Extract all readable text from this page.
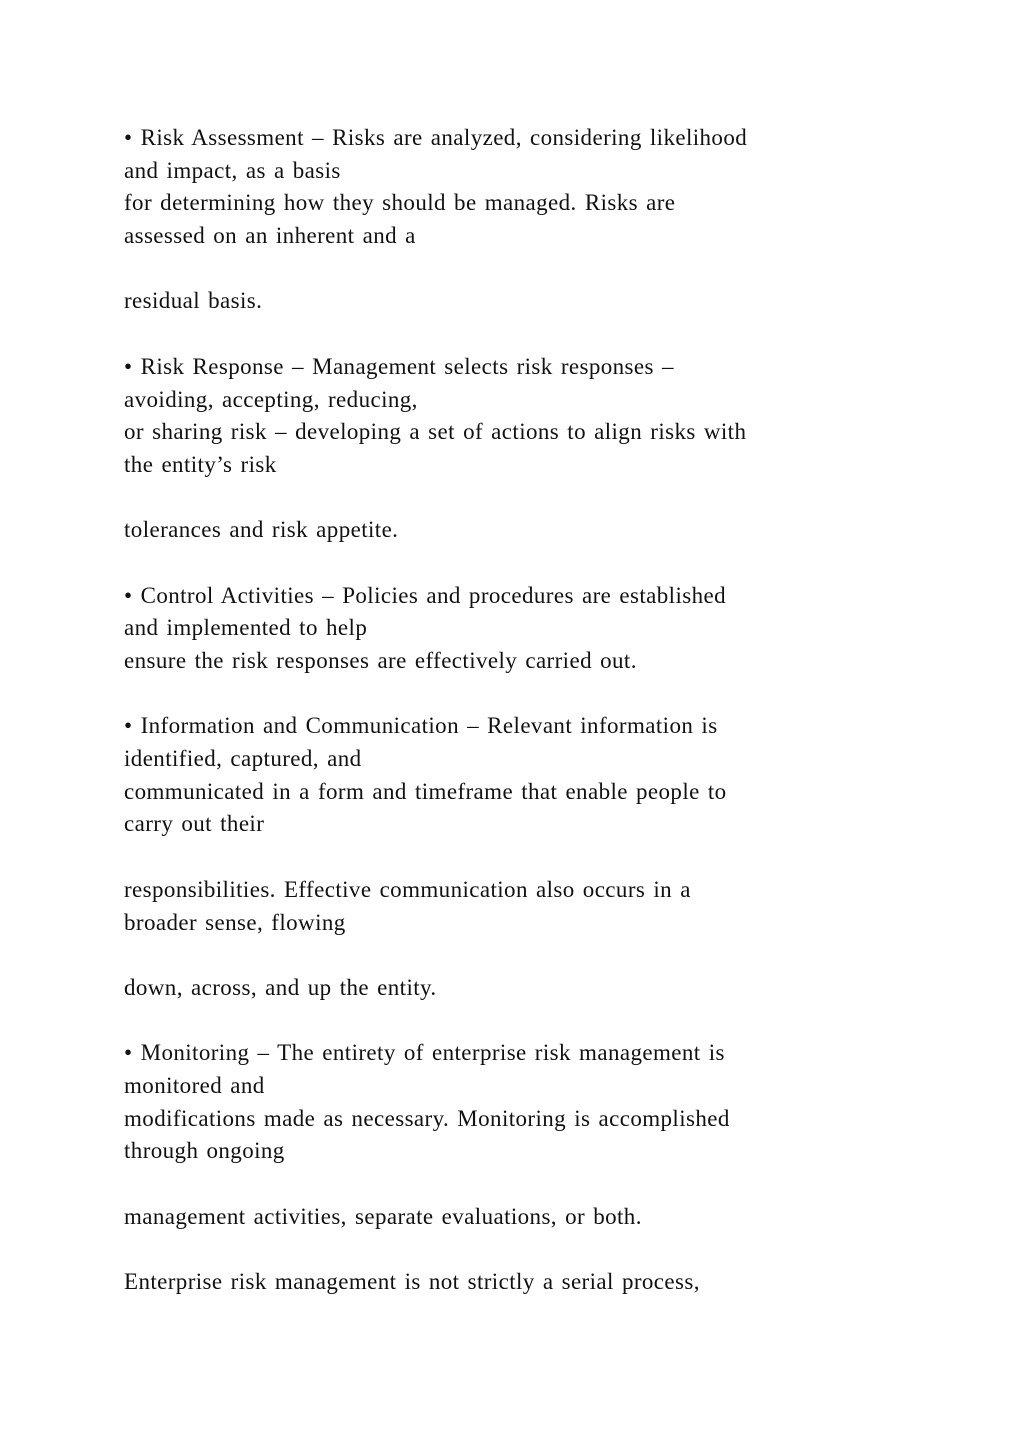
• Risk Assessment – Risks are analyzed, considering likelihood
and impact, as a basis
for determining how they should be managed. Risks are
assessed on an inherent and a
residual basis.
• Risk Response – Management selects risk responses –
avoiding, accepting, reducing,
or sharing risk – developing a set of actions to align risks with
the entity’s risk
tolerances and risk appetite.
• Control Activities – Policies and procedures are established
and implemented to help
ensure the risk responses are effectively carried out.
• Information and Communication – Relevant information is
identified, captured, and
communicated in a form and timeframe that enable people to
carry out their
responsibilities. Effective communication also occurs in a
broader sense, flowing
down, across, and up the entity.
• Monitoring – The entirety of enterprise risk management is
monitored and
modifications made as necessary. Monitoring is accomplished
through ongoing
management activities, separate evaluations, or both.
Enterprise risk management is not strictly a serial process,
